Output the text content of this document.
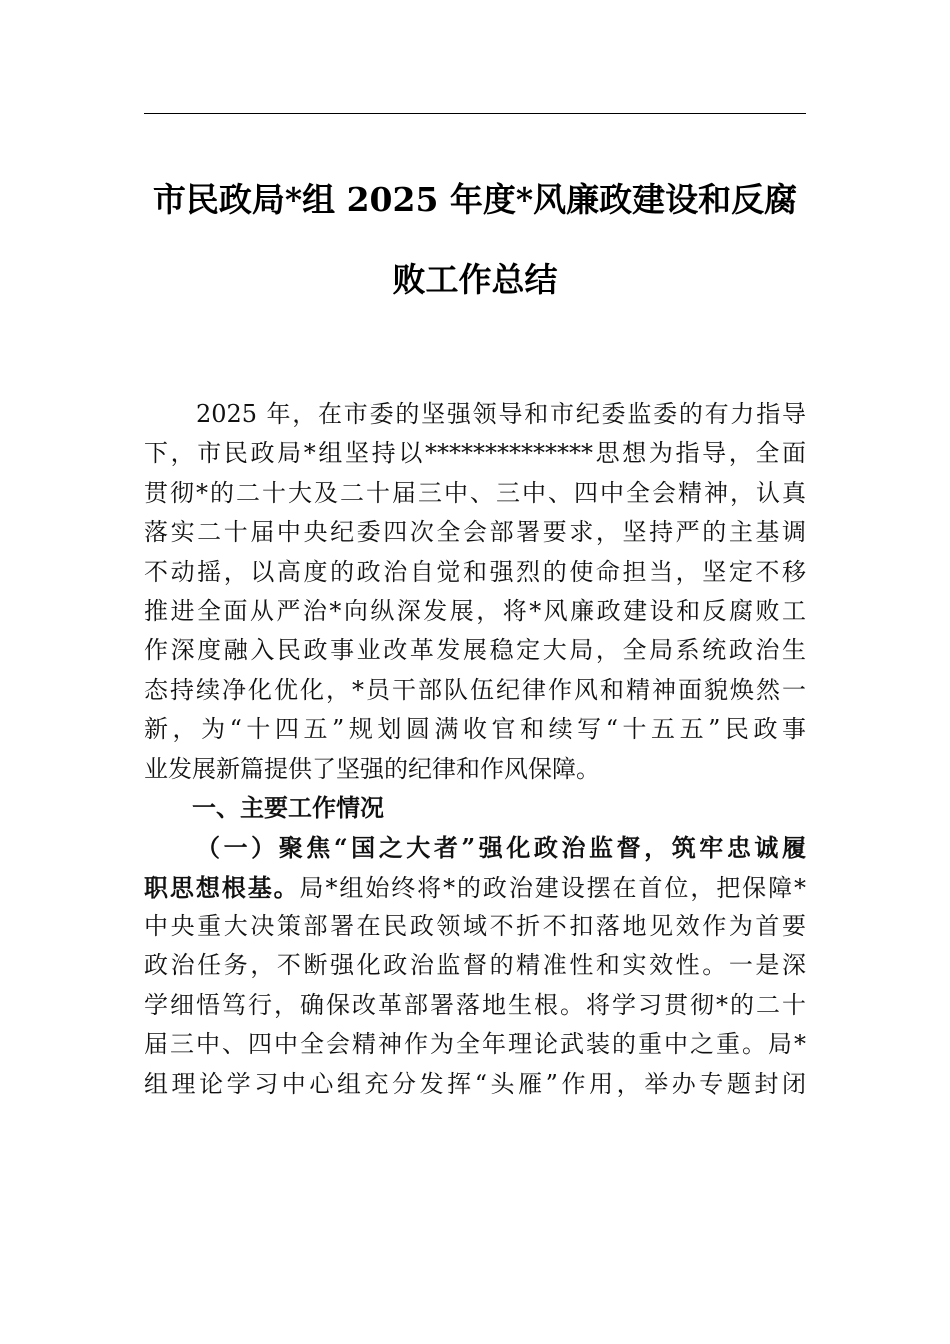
市民政局*组 2025 年度*风廉政建设和反腐
败工作总结
2025 年，在市委的坚强领导和市纪委监委的有力指导
下，市民政局*组坚持以**************思想为指导，全面
贯彻*的二十大及二十届三中、三中、四中全会精神，认真
落实二十届中央纪委四次全会部署要求，坚持严的主基调
不动摇，以高度的政治自觉和强烈的使命担当，坚定不移
推进全面从严治*向纵深发展，将*风廉政建设和反腐败工
作深度融入民政事业改革发展稳定大局，全局系统政治生
态持续净化优化，*员干部队伍纪律作风和精神面貌焕然一
新，为“十四五”规划圆满收官和续写“十五五”民政事
业发展新篇提供了坚强的纪律和作风保障。
一、主要工作情况
（一）聚焦“国之大者”强化政治监督，筑牢忠诚履
职思想根基。局*组始终将*的政治建设摆在首位，把保障*
中央重大决策部署在民政领域不折不扣落地见效作为首要
政治任务，不断强化政治监督的精准性和实效性。一是深
学细悟笃行，确保改革部署落地生根。将学习贯彻*的二十
届三中、四中全会精神作为全年理论武装的重中之重。局*
组理论学习中心组充分发挥“头雁”作用，举办专题封闭
